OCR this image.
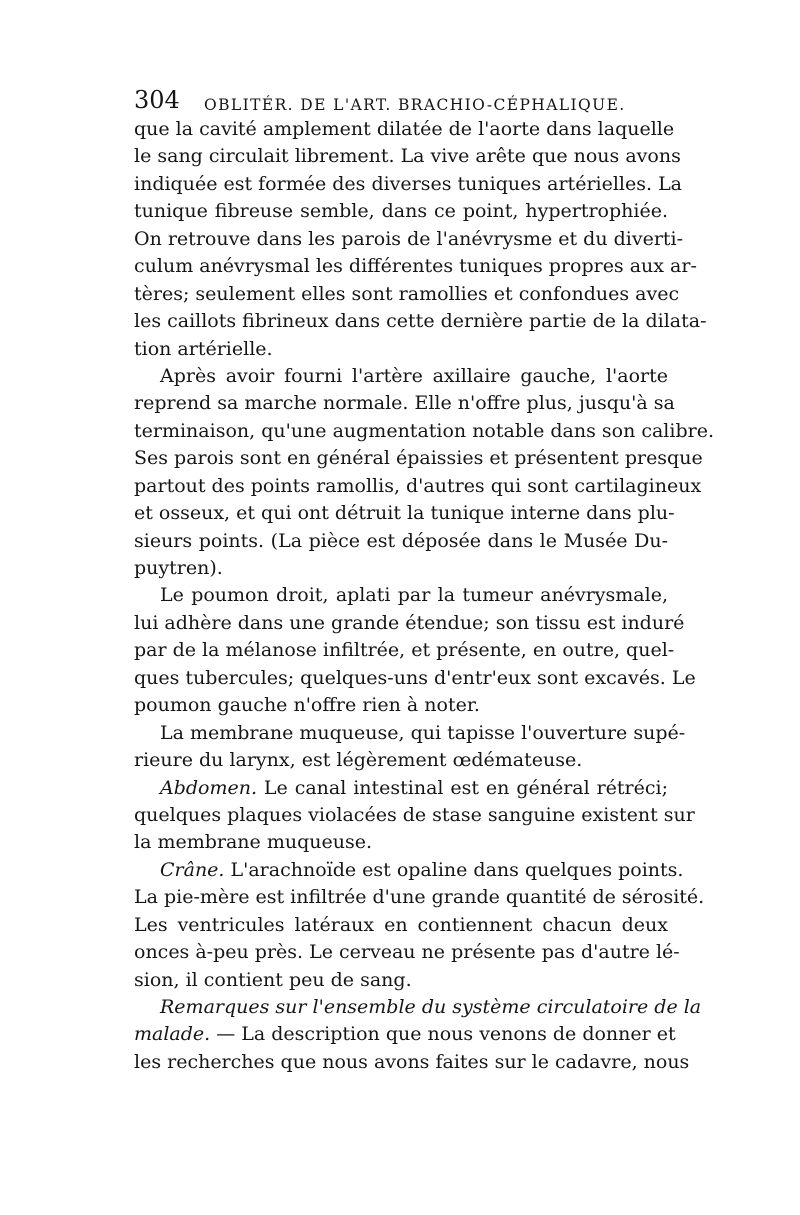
304 OBLITÉR. DE L'ART. BRACHIO-CÉPHALIQUE.
que la cavité amplement dilatée de l'aorte dans laquelle
le sang circulait librement. La vive arête que nous avons
indiquée est formée des diverses tuniques artérielles. La
tunique fibreuse semble, dans ce point, hypertrophiée.
On retrouve dans les parois de l'anévrysme et du diverti-
culum anévrysmal les différentes tuniques propres aux ar-
tères; seulement elles sont ramollies et confondues avec
les caillots fibrineux dans cette dernière partie de la dilata-
tion artérielle.
Après avoir fourni l'artère axillaire gauche, l'aorte
reprend sa marche normale. Elle n'offre plus, jusqu'à sa
terminaison, qu'une augmentation notable dans son calibre.
Ses parois sont en général épaissies et présentent presque
partout des points ramollis, d'autres qui sont cartilagineux
et osseux, et qui ont détruit la tunique interne dans plu-
sieurs points. (La pièce est déposée dans le Musée Du-
puytren).
Le poumon droit, aplati par la tumeur anévrysmale,
lui adhère dans une grande étendue; son tissu est induré
par de la mélanose infiltrée, et présente, en outre, quel-
ques tubercules; quelques-uns d'entr'eux sont excavés. Le
poumon gauche n'offre rien à noter.
La membrane muqueuse, qui tapisse l'ouverture supé-
rieure du larynx, est légèrement œdémateuse.
Abdomen. Le canal intestinal est en général rétréci;
quelques plaques violacées de stase sanguine existent sur
la membrane muqueuse.
Crâne. L'arachnoïde est opaline dans quelques points.
La pie-mère est infiltrée d'une grande quantité de sérosité.
Les ventricules latéraux en contiennent chacun deux
onces à-peu près. Le cerveau ne présente pas d'autre lé-
sion, il contient peu de sang.
Remarques sur l'ensemble du système circulatoire de la
malade. — La description que nous venons de donner et
les recherches que nous avons faites sur le cadavre, nous
